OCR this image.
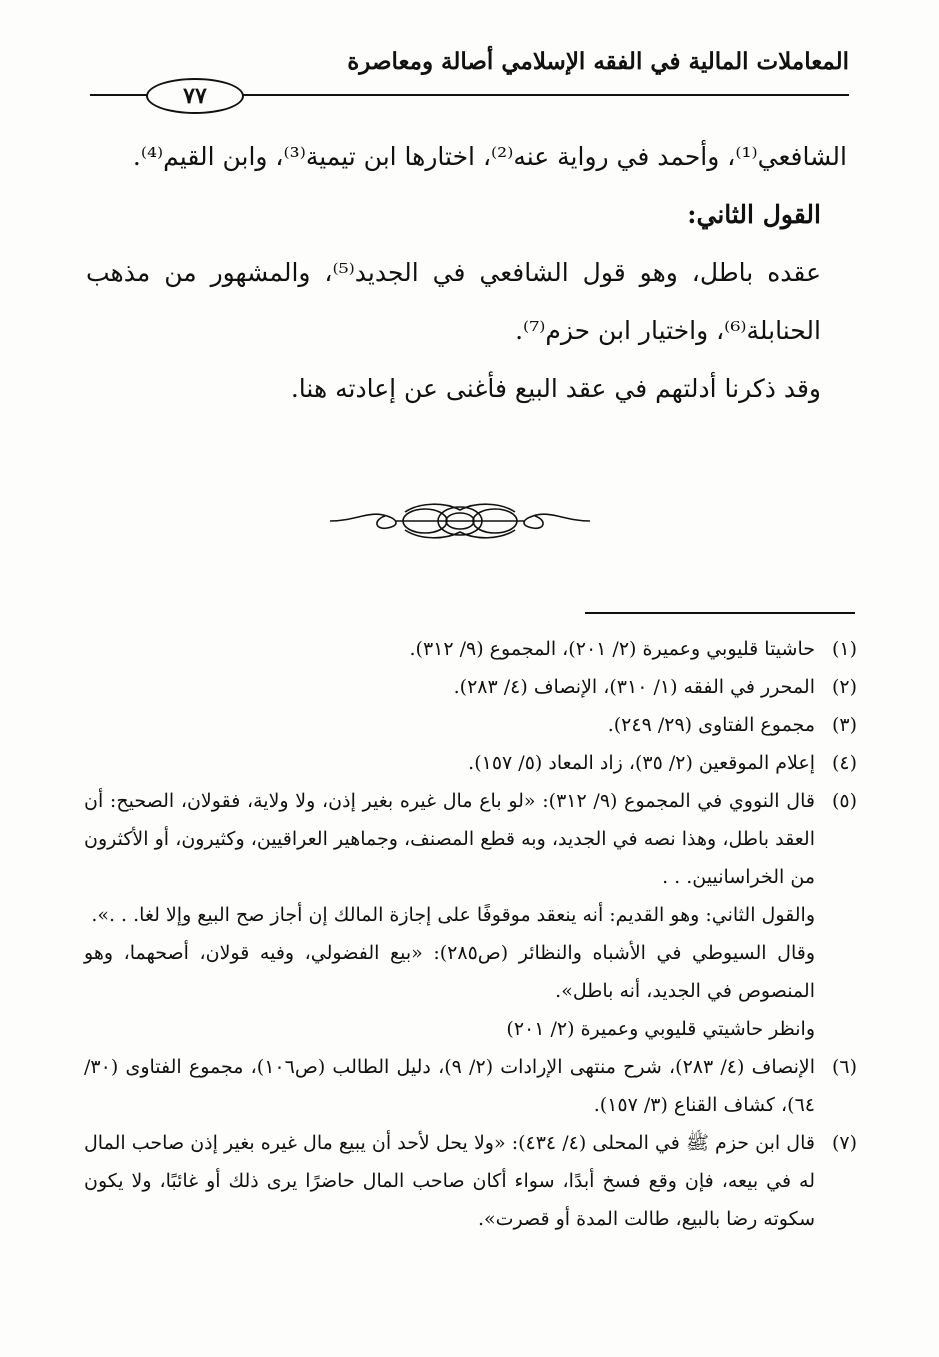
المعاملات المالية في الفقه الإسلامي أصالة ومعاصرة
٧٧

الشافعي⁽¹⁾، وأحمد في رواية عنه⁽²⁾، اختارها ابن تيمية⁽³⁾، وابن القيم⁽⁴⁾.

القول الثاني:

عقده باطل، وهو قول الشافعي في الجديد⁽⁵⁾، والمشهور من مذهب الحنابلة⁽⁶⁾، واختيار ابن حزم⁽⁷⁾.

وقد ذكرنا أدلتهم في عقد البيع فأغنى عن إعادته هنا.

(١)

حاشيتا قليوبي وعميرة (٢/ ٢٠١)، المجموع (٩/ ٣١٢).

(٢)

المحرر في الفقه (١/ ٣١٠)، الإنصاف (٤/ ٢٨٣).

(٣)

مجموع الفتاوى (٢٩/ ٢٤٩).

(٤)

إعلام الموقعين (٢/ ٣٥)، زاد المعاد (٥/ ١٥٧).

(٥)

قال النووي في المجموع (٩/ ٣١٢): «لو باع مال غيره بغير إذن، ولا ولاية، فقولان، الصحيح: أن العقد باطل، وهذا نصه في الجديد، وبه قطع المصنف، وجماهير العراقيين، وكثيرون، أو الأكثرون من الخراسانيين. . .

والقول الثاني: وهو القديم: أنه ينعقد موقوفًا على إجازة المالك إن أجاز صح البيع وإلا لغا. . .».

وقال السيوطي في الأشباه والنظائر (ص٢٨٥): «بيع الفضولي، وفيه قولان، أصحهما، وهو المنصوص في الجديد، أنه باطل».

وانظر حاشيتي قليوبي وعميرة (٢/ ٢٠١)

(٦)

الإنصاف (٤/ ٢٨٣)، شرح منتهى الإرادات (٢/ ٩)، دليل الطالب (ص١٠٦)، مجموع الفتاوى (٣٠/ ٦٤)، كشاف القناع (٣/ ١٥٧).

(٧)

قال ابن حزم ﷺ في المحلى (٤/ ٤٣٤): «ولا يحل لأحد أن يبيع مال غيره بغير إذن صاحب المال له في بيعه، فإن وقع فسخ أبدًا، سواء أكان صاحب المال حاضرًا يرى ذلك أو غائبًا، ولا يكون سكوته رضا بالبيع، طالت المدة أو قصرت».
